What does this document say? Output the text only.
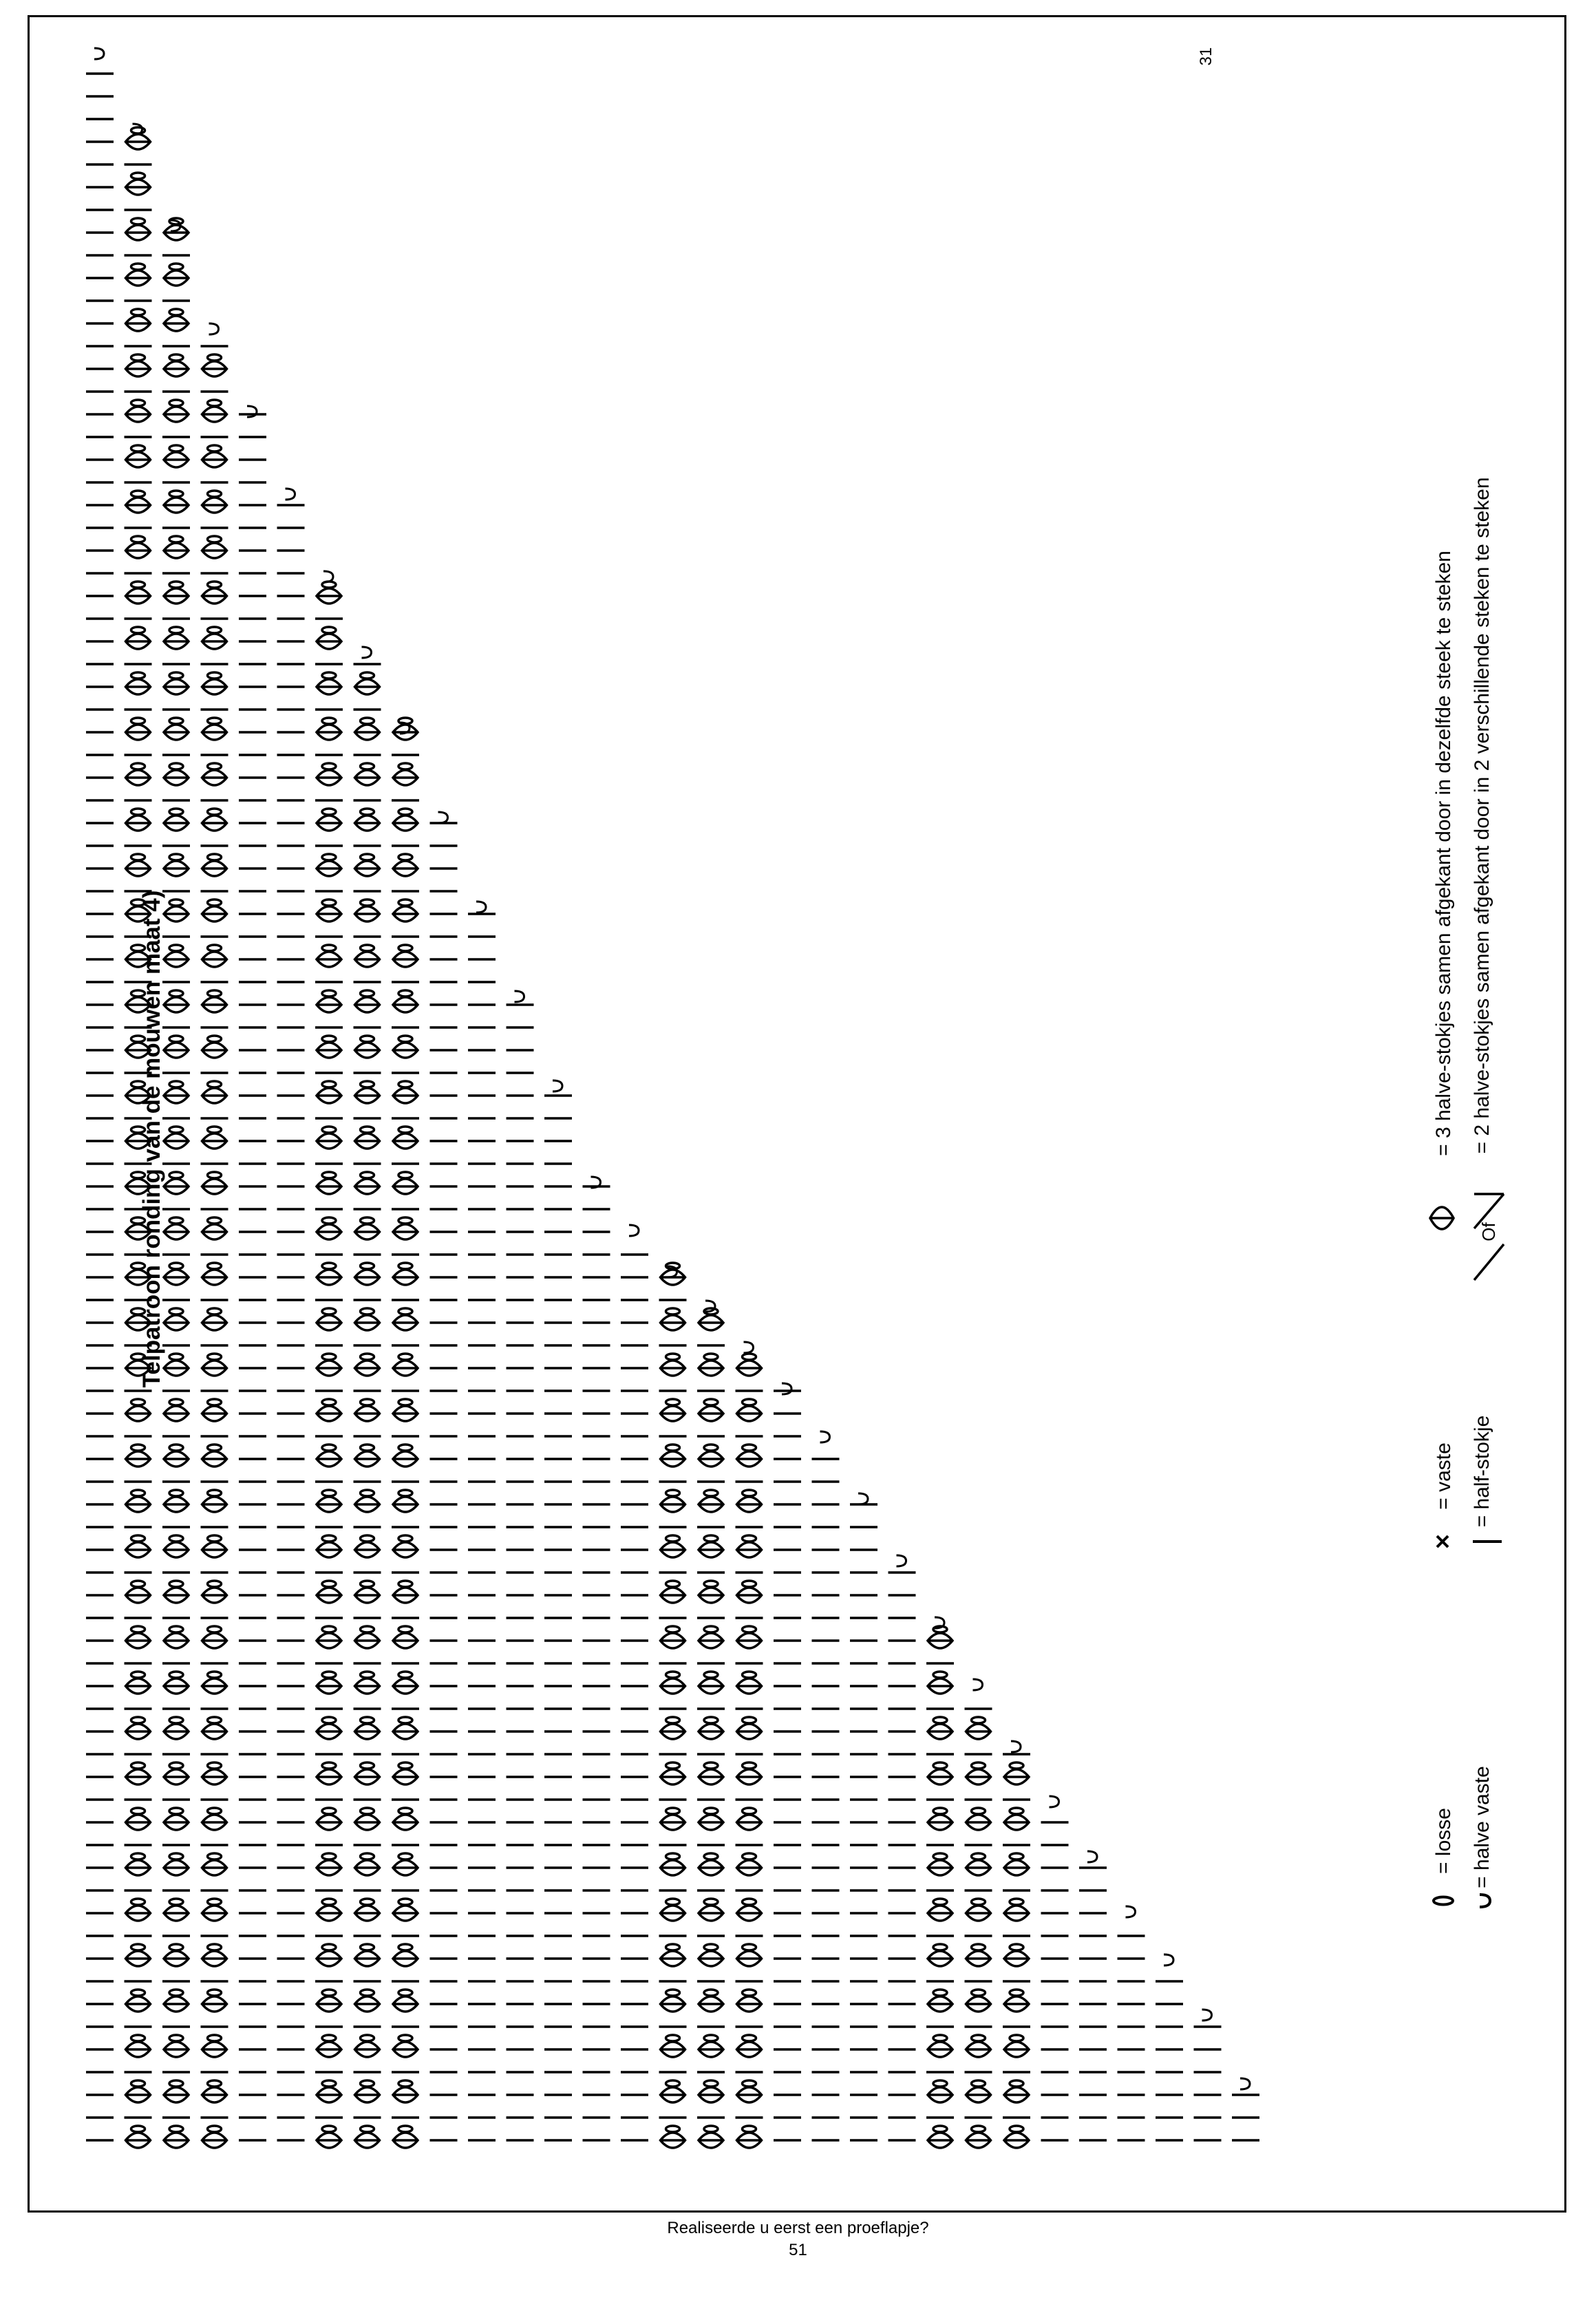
Telpatroon ronding van de mouwen maat 4)
31
= losse = halve vaste
= vaste = half-stokje
= 3 halve-stokjes samen afgekant door in dezelfde steek te steken
Of
= 2 halve-stokjes samen afgekant door in 2 verschillende steken te steken
Realiseerde u eerst een proeflapje?
51
